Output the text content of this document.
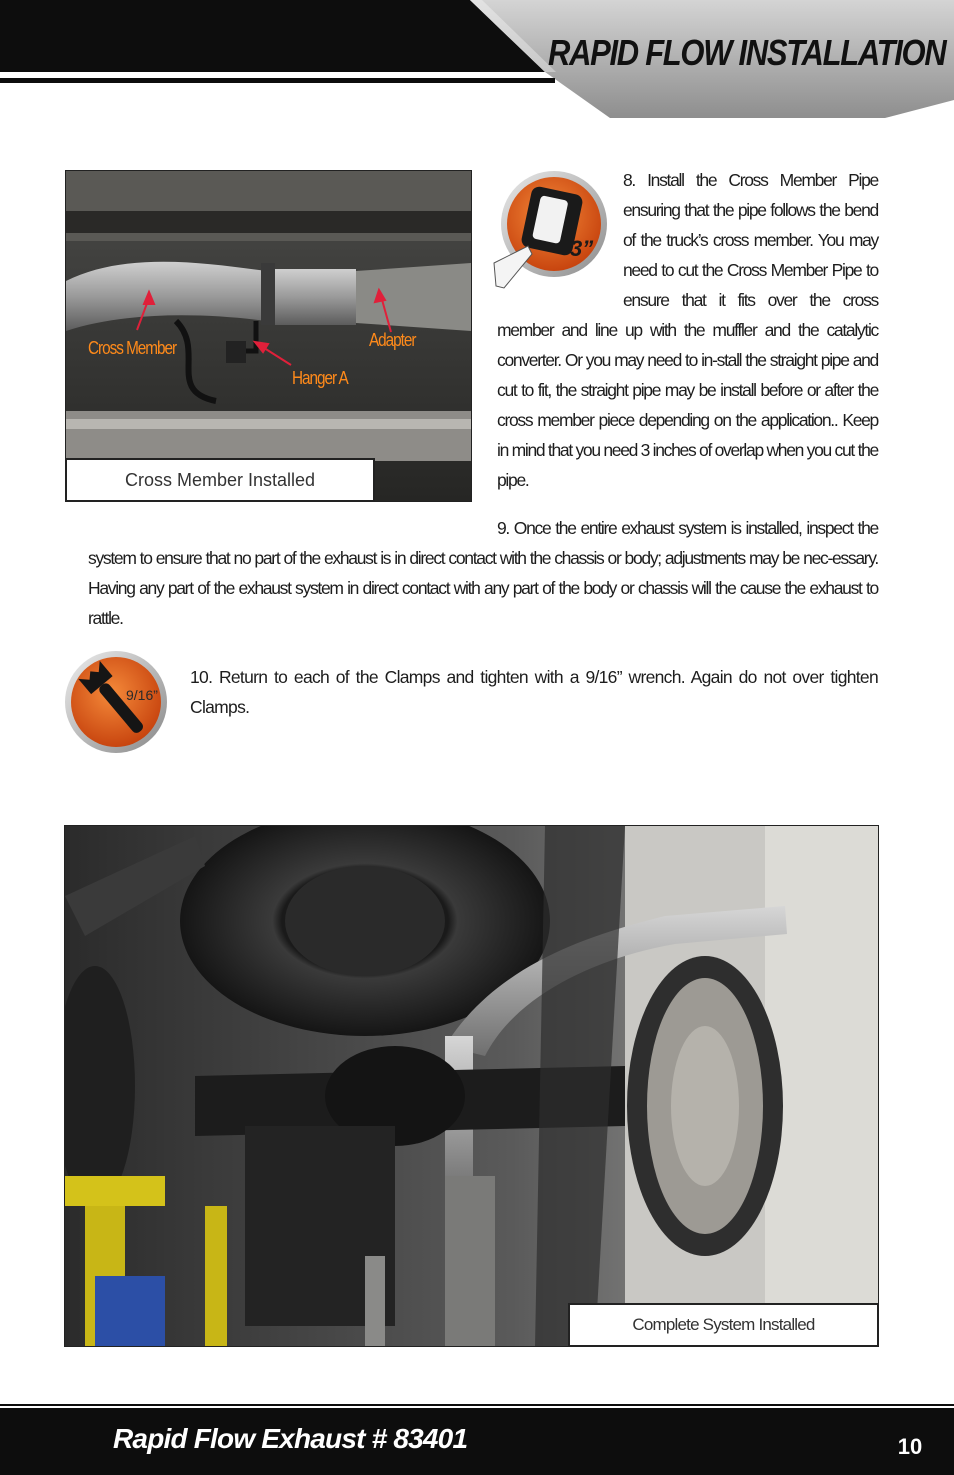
RAPID FLOW INSTALLATION
Cross Member
Hanger A
Adapter
Cross Member Installed
3”
8. Install the Cross Member Pipe ensuring that the pipe follows the bend of the truck’s cross member. You may need to cut the Cross Member Pipe to ensure that it fits over the cross member and line up with the muffler and the catalytic converter. Or you may need to in-stall the straight pipe and cut to fit, the straight pipe may be install before or after the cross member piece depending on the application.. Keep in mind that you need 3 inches of overlap when you cut the pipe.
9. Once the entire exhaust system is installed, inspect the system to ensure that no part of the exhaust is in direct contact with the chassis or body; adjustments may be nec-essary. Having any part of the exhaust system in direct contact with any part of the body or chassis will the cause the exhaust to rattle.
9/16”
10. Return to each of the Clamps and tighten with a 9/16” wrench. Again do not over tighten Clamps.
Complete System Installed
Rapid Flow Exhaust # 83401	10
